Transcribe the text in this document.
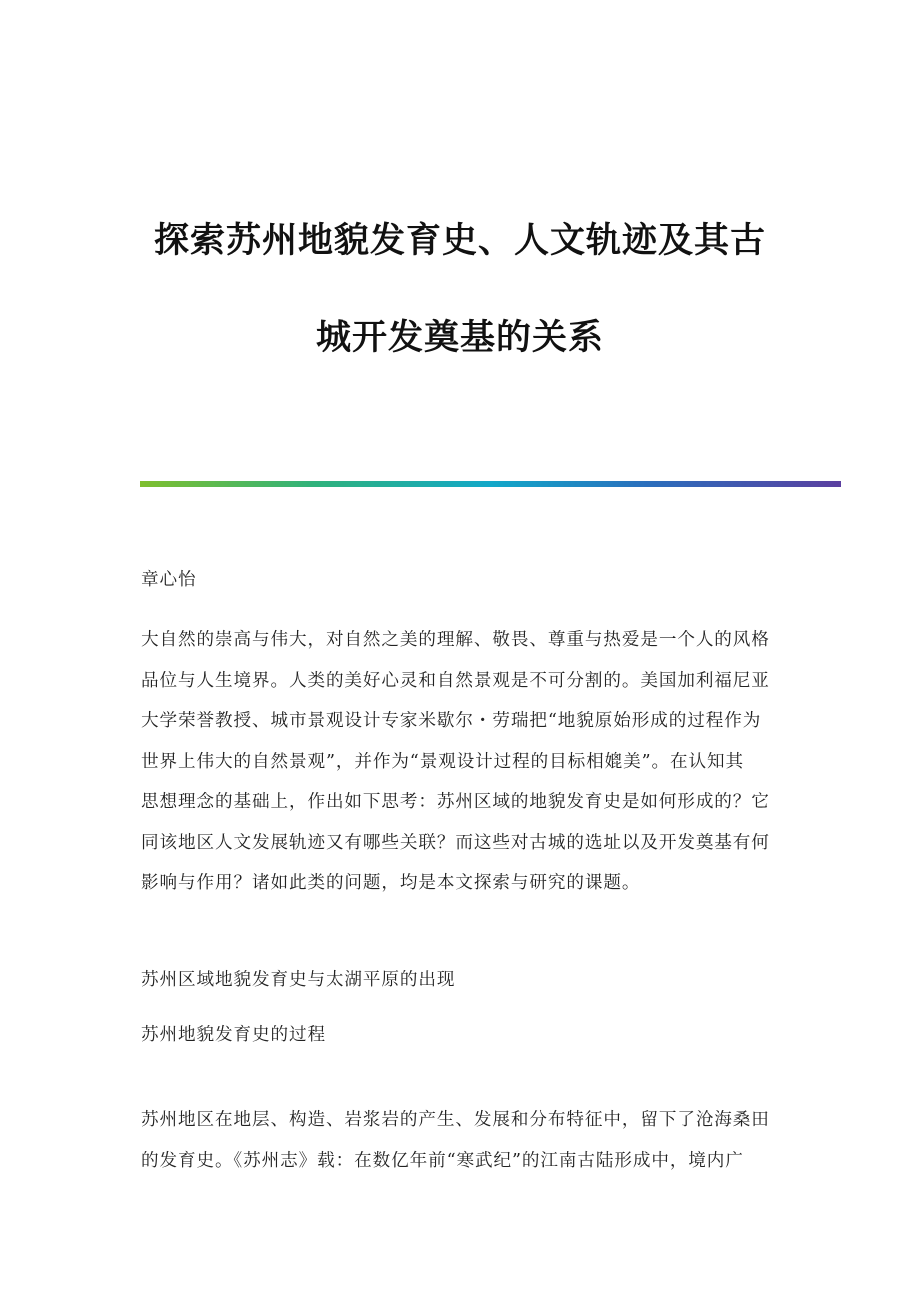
探索苏州地貌发育史、人文轨迹及其古
城开发奠基的关系

章心怡

大自然的崇高与伟大，对自然之美的理解、敬畏、尊重与热爱是一个人的风格
品位与人生境界。人类的美好心灵和自然景观是不可分割的。美国加利福尼亚
大学荣誉教授、城市景观设计专家米歇尔・劳瑞把“地貌原始形成的过程作为
世界上伟大的自然景观”，并作为“景观设计过程的目标相媲美”。在认知其
思想理念的基础上，作出如下思考：苏州区域的地貌发育史是如何形成的？它
同该地区人文发展轨迹又有哪些关联？而这些对古城的选址以及开发奠基有何
影响与作用？诸如此类的问题，均是本文探索与研究的课题。

苏州区域地貌发育史与太湖平原的出现

苏州地貌发育史的过程

苏州地区在地层、构造、岩浆岩的产生、发展和分布特征中，留下了沧海桑田
的发育史。《苏州志》载：在数亿年前“寒武纪”的江南古陆形成中，境内广
